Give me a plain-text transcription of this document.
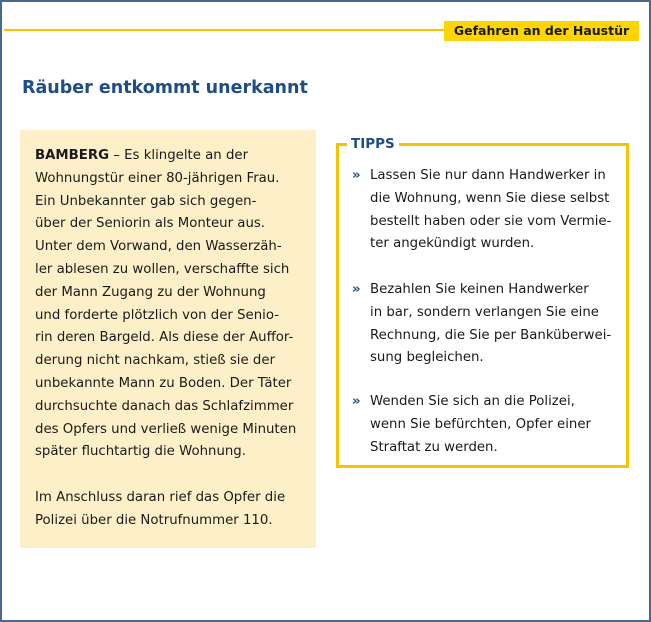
Gefahren an der Haustür
Räuber entkommt unerkannt
BAMBERG – Es klingelte an der
Wohnungstür einer 80-jährigen Frau.
Ein Unbekannter gab sich gegen-
über der Seniorin als Monteur aus.
Unter dem Vorwand, den Wasserzäh-
ler ablesen zu wollen, verschaffte sich
der Mann Zugang zu der Wohnung
und forderte plötzlich von der Senio-
rin deren Bargeld. Als diese der Auffor-
derung nicht nachkam, stieß sie der
unbekannte Mann zu Boden. Der Täter
durchsuchte danach das Schlafzimmer
des Opfers und verließ wenige Minuten
später fluchtartig die Wohnung.
Im Anschluss daran rief das Opfer die
Polizei über die Notrufnummer 110.
TIPPS
» Lassen Sie nur dann Handwerker in
die Wohnung, wenn Sie diese selbst
bestellt haben oder sie vom Vermie-
ter angekündigt wurden.
» Bezahlen Sie keinen Handwerker
in bar, sondern verlangen Sie eine
Rechnung, die Sie per Banküberwei-
sung begleichen.
» Wenden Sie sich an die Polizei,
wenn Sie befürchten, Opfer einer
Straftat zu werden.
